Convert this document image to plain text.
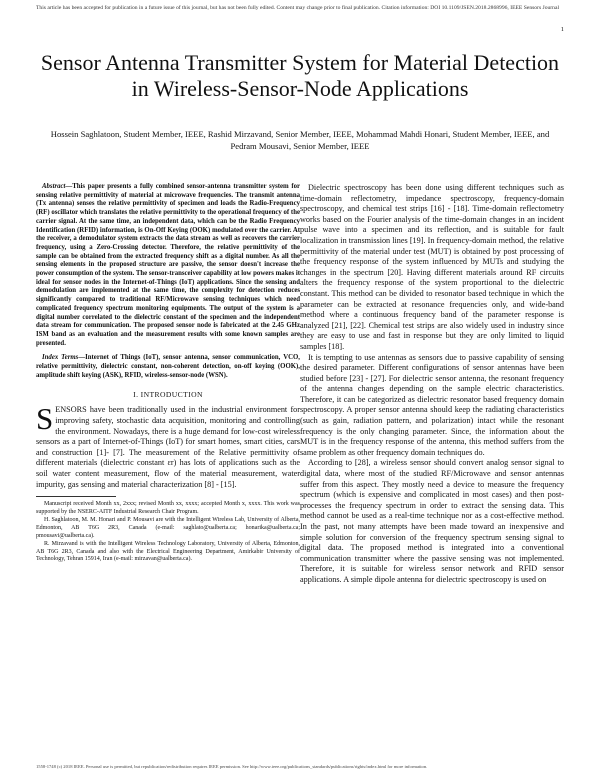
This article has been accepted for publication in a future issue of this journal, but has not been fully edited. Content may change prior to final publication. Citation information: DOI 10.1109/JSEN.2018.2868996, IEEE Sensors Journal
1
Sensor Antenna Transmitter System for Material Detection in Wireless-Sensor-Node Applications
Hossein Saghlatoon, Student Member, IEEE, Rashid Mirzavand, Senior Member, IEEE, Mohammad Mahdi Honari, Student Member, IEEE, and Pedram Mousavi, Senior Member, IEEE

Abstract—This paper presents a fully combined sensor-antenna transmitter system for sensing relative permittivity of material at microwave frequencies. The transmit antenna (Tx antenna) senses the relative permittivity of specimen and loads the Radio-Frequency (RF) oscillator which translates the relative permittivity to the operational frequency of the carrier signal. At the same time, an independent data, which can be the Radio Frequency Identification (RFID) information, is On-Off Keying (OOK) modulated over the carrier. At the receiver, a demodulator system extracts the data stream as well as recovers the carrier frequency, using a Zero-Crossing detector. Therefore, the relative permittivity of the sample can be obtained from the extracted frequency shift as a digital number. As all the sensing elements in the proposed structure are passive, the sensor doesn't increase the power consumption of the system. The sensor-transceiver capability at low powers makes it ideal for sensor nodes in the Internet-of-Things (IoT) applications. Since the sensing and demodulation are implemented at the same time, the complexity for detection reduces significantly compared to traditional RF/Microwave sensing techniques which need complicated frequency spectrum monitoring equipments. The output of the system is a digital number correlated to the dielectric constant of the specimen and the independent data stream for communication. The proposed sensor node is fabricated at the 2.45 GHz ISM band as an evaluation and the measurement results with some known samples are presented.

Index Terms—Internet of Things (IoT), sensor antenna, sensor communication, VCO, relative permittivity, dielectric constant, non-coherent detection, on-off keying (OOK), amplitude shift keying (ASK), RFID, wireless-sensor-node (WSN).

I. INTRODUCTION

SENSORS have been traditionally used in the industrial environment for improving safety, stochastic data acquisition, monitoring and controlling the environment. Nowadays, there is a huge demand for low-cost wireless sensors as a part of Internet-of-Things (IoT) for smart homes, smart cities, cars and construction [1]- [7]. The measurement of the Relative permittivity of different materials (dielectric constant εr) has lots of applications such as the soil water content measurement, flow of the material measurement, water impurity, gas sensing and material characterization [8] - [15].

Manuscript received Month xx, 2xxx; revised Month xx, xxxx; accepted Month x, xxxx. This work was supported by the NSERC-AITF Industrial Research Chair Program.

H. Saghlatoon, M. M. Honari and P. Mousavi are with the Intelligent Wireless Lab, University of Alberta, Edmonton, AB T6G 2R3, Canada (e-mail: saghlato@ualberta.ca; honarika@ualberta.ca; pmousavi@ualberta.ca).

R. Mirzavand is with the Intelligent Wireless Technology Laboratory, University of Alberta, Edmonton, AB T6G 2R3, Canada and also with the Electrical Engineering Department, Amirkabir University of Technology, Tehran 15914, Iran (e-mail: mirzavan@ualberta.ca).

Dielectric spectroscopy has been done using different techniques such as time-domain reflectometry, impedance spectroscopy, frequency-domain spectroscopy, and chemical test strips [16] - [18]. Time-domain reflectometry works based on the Fourier analysis of the time-domain changes in an incident pulse wave into a specimen and its reflection, and is suitable for fault localization in transmission lines [19]. In frequency-domain method, the relative permittivity of the material under test (MUT) is obtained by post processing of the frequency response of the system influenced by MUTs and studying the changes in the spectrum [20]. Having different materials around RF circuits alters the frequency response of the system proportional to the dielectric constant. This method can be divided to resonator based technique in which the parameter can be extracted at resonance frequencies only, and wide-band method where a continuous frequency band of the parameter response is analyzed [21], [22]. Chemical test strips are also widely used in industry since they are easy to use and fast in response but they are only limited to liquid samples [18].

It is tempting to use antennas as sensors due to passive capability of sensing the desired parameter. Different configurations of sensor antennas have been studied before [23] - [27]. For dielectric sensor antenna, the resonant frequency of the antenna changes depending on the sample electric characteristics. Therefore, it can be categorized as dielectric resonator based frequency domain spectroscopy. A proper sensor antenna should keep the radiating characteristics (such as gain, radiation pattern, and polarization) intact while the resonant frequency is the only changing parameter. Since, the information about the MUT is in the frequency response of the antenna, this method suffers from the same problem as other frequency domain techniques do.

According to [28], a wireless sensor should convert analog sensor signal to digital data, where most of the studied RF/Microwave and sensor antennas suffer from this aspect. They mostly need a device to measure the frequency spectrum (which is expensive and complicated in most cases) and then post-processes the frequency spectrum in order to extract the sensing data. This method cannot be used as a real-time technique nor as a cost-effective method. In the past, not many attempts have been made toward an inexpensive and simple solution for conversion of the frequency spectrum sensing signal to digital data. The proposed method is integrated into a conventional communication transmitter where the passive sensing was not implemented. Therefore, it is suitable for wireless sensor network and RFID sensor applications. A simple dipole antenna for dielectric spectroscopy is used on

1558-1748 (c) 2018 IEEE. Personal use is permitted, but republication/redistribution requires IEEE permission. See http://www.ieee.org/publications_standards/publications/rights/index.html for more information.
